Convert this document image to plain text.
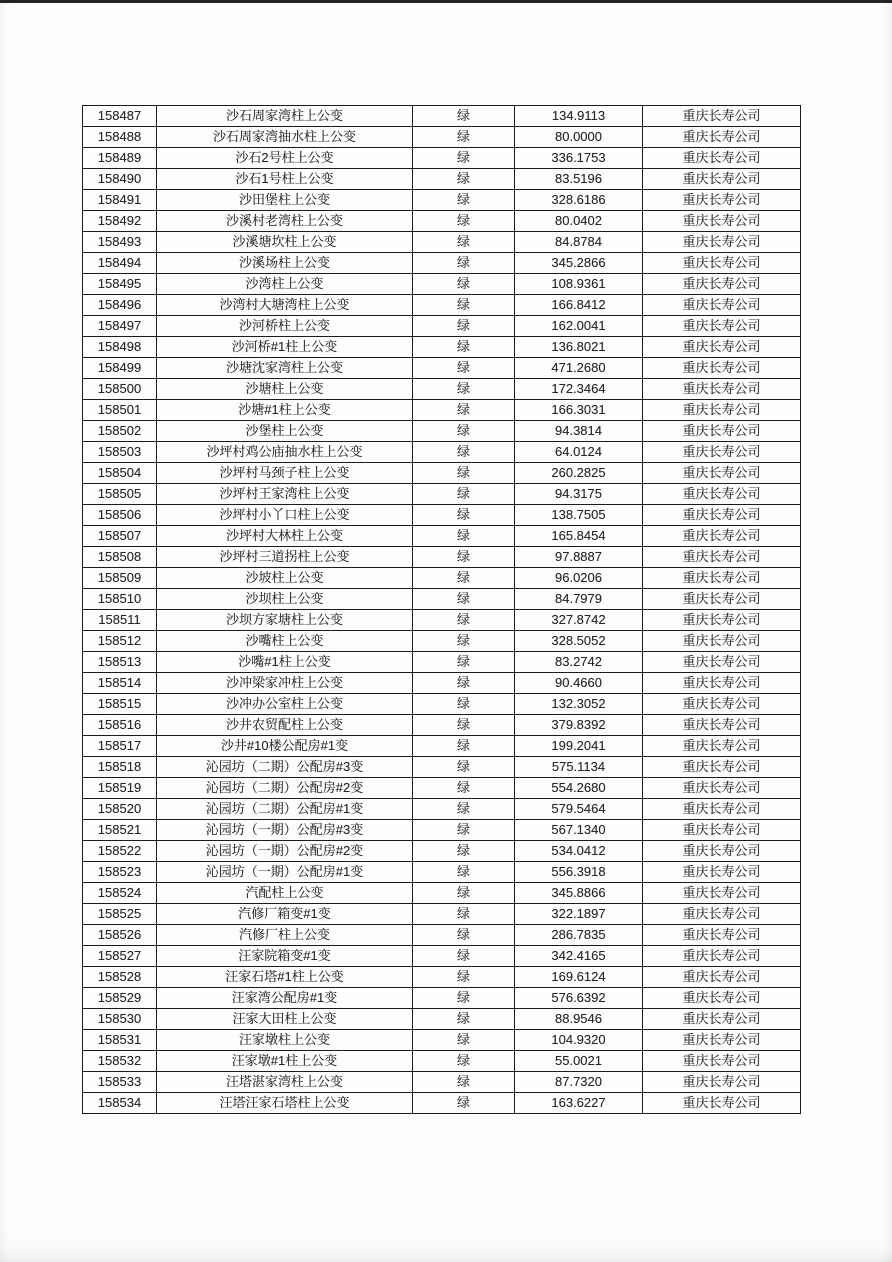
158487	沙石周家湾柱上公变	绿	134.9113	重庆长寿公司
158488	沙石周家湾抽水柱上公变	绿	80.0000	重庆长寿公司
158489	沙石2号柱上公变	绿	336.1753	重庆长寿公司
158490	沙石1号柱上公变	绿	83.5196	重庆长寿公司
158491	沙田堡柱上公变	绿	328.6186	重庆长寿公司
158492	沙溪村老湾柱上公变	绿	80.0402	重庆长寿公司
158493	沙溪塘坎柱上公变	绿	84.8784	重庆长寿公司
158494	沙溪场柱上公变	绿	345.2866	重庆长寿公司
158495	沙湾柱上公变	绿	108.9361	重庆长寿公司
158496	沙湾村大塘湾柱上公变	绿	166.8412	重庆长寿公司
158497	沙河桥柱上公变	绿	162.0041	重庆长寿公司
158498	沙河桥#1柱上公变	绿	136.8021	重庆长寿公司
158499	沙塘沈家湾柱上公变	绿	471.2680	重庆长寿公司
158500	沙塘柱上公变	绿	172.3464	重庆长寿公司
158501	沙塘#1柱上公变	绿	166.3031	重庆长寿公司
158502	沙堡柱上公变	绿	94.3814	重庆长寿公司
158503	沙坪村鸡公庙抽水柱上公变	绿	64.0124	重庆长寿公司
158504	沙坪村马颈子柱上公变	绿	260.2825	重庆长寿公司
158505	沙坪村王家湾柱上公变	绿	94.3175	重庆长寿公司
158506	沙坪村小丫口柱上公变	绿	138.7505	重庆长寿公司
158507	沙坪村大林柱上公变	绿	165.8454	重庆长寿公司
158508	沙坪村三道拐柱上公变	绿	97.8887	重庆长寿公司
158509	沙坡柱上公变	绿	96.0206	重庆长寿公司
158510	沙坝柱上公变	绿	84.7979	重庆长寿公司
158511	沙坝方家塘柱上公变	绿	327.8742	重庆长寿公司
158512	沙嘴柱上公变	绿	328.5052	重庆长寿公司
158513	沙嘴#1柱上公变	绿	83.2742	重庆长寿公司
158514	沙冲梁家冲柱上公变	绿	90.4660	重庆长寿公司
158515	沙冲办公室柱上公变	绿	132.3052	重庆长寿公司
158516	沙井农贸配柱上公变	绿	379.8392	重庆长寿公司
158517	沙井#10楼公配房#1变	绿	199.2041	重庆长寿公司
158518	沁园坊（二期）公配房#3变	绿	575.1134	重庆长寿公司
158519	沁园坊（二期）公配房#2变	绿	554.2680	重庆长寿公司
158520	沁园坊（二期）公配房#1变	绿	579.5464	重庆长寿公司
158521	沁园坊（一期）公配房#3变	绿	567.1340	重庆长寿公司
158522	沁园坊（一期）公配房#2变	绿	534.0412	重庆长寿公司
158523	沁园坊（一期）公配房#1变	绿	556.3918	重庆长寿公司
158524	汽配柱上公变	绿	345.8866	重庆长寿公司
158525	汽修厂箱变#1变	绿	322.1897	重庆长寿公司
158526	汽修厂柱上公变	绿	286.7835	重庆长寿公司
158527	汪家院箱变#1变	绿	342.4165	重庆长寿公司
158528	汪家石塔#1柱上公变	绿	169.6124	重庆长寿公司
158529	汪家湾公配房#1变	绿	576.6392	重庆长寿公司
158530	汪家大田柱上公变	绿	88.9546	重庆长寿公司
158531	汪家墩柱上公变	绿	104.9320	重庆长寿公司
158532	汪家墩#1柱上公变	绿	55.0021	重庆长寿公司
158533	汪塔湛家湾柱上公变	绿	87.7320	重庆长寿公司
158534	汪塔汪家石塔柱上公变	绿	163.6227	重庆长寿公司
